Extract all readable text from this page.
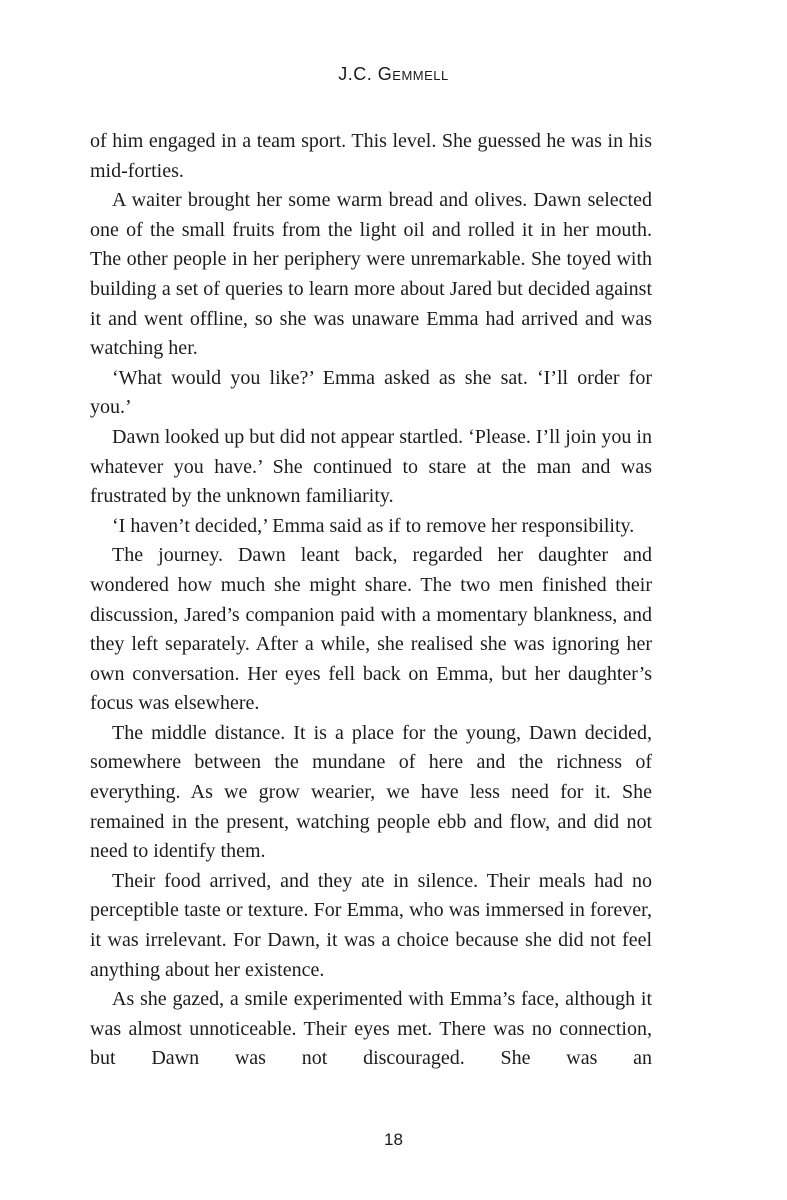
J.C. Gemmell

of him engaged in a team sport. This level. She guessed he was in his mid-forties.

A waiter brought her some warm bread and olives. Dawn selected one of the small fruits from the light oil and rolled it in her mouth. The other people in her periphery were unremarkable. She toyed with building a set of queries to learn more about Jared but decided against it and went offline, so she was unaware Emma had arrived and was watching her.

‘What would you like?’ Emma asked as she sat. ‘I’ll order for you.’

Dawn looked up but did not appear startled. ‘Please. I’ll join you in whatever you have.’ She continued to stare at the man and was frustrated by the unknown familiarity.

‘I haven’t decided,’ Emma said as if to remove her responsibility.

The journey. Dawn leant back, regarded her daughter and wondered how much she might share. The two men finished their discussion, Jared’s companion paid with a momentary blankness, and they left separately. After a while, she realised she was ignoring her own conversation. Her eyes fell back on Emma, but her daughter’s focus was elsewhere.

The middle distance. It is a place for the young, Dawn decided, somewhere between the mundane of here and the richness of everything. As we grow wearier, we have less need for it. She remained in the present, watching people ebb and flow, and did not need to identify them.

Their food arrived, and they ate in silence. Their meals had no perceptible taste or texture. For Emma, who was immersed in forever, it was irrelevant. For Dawn, it was a choice because she did not feel anything about her existence.

As she gazed, a smile experimented with Emma’s face, although it was almost unnoticeable. Their eyes met. There was no connection, but Dawn was not discouraged. She was an

18
